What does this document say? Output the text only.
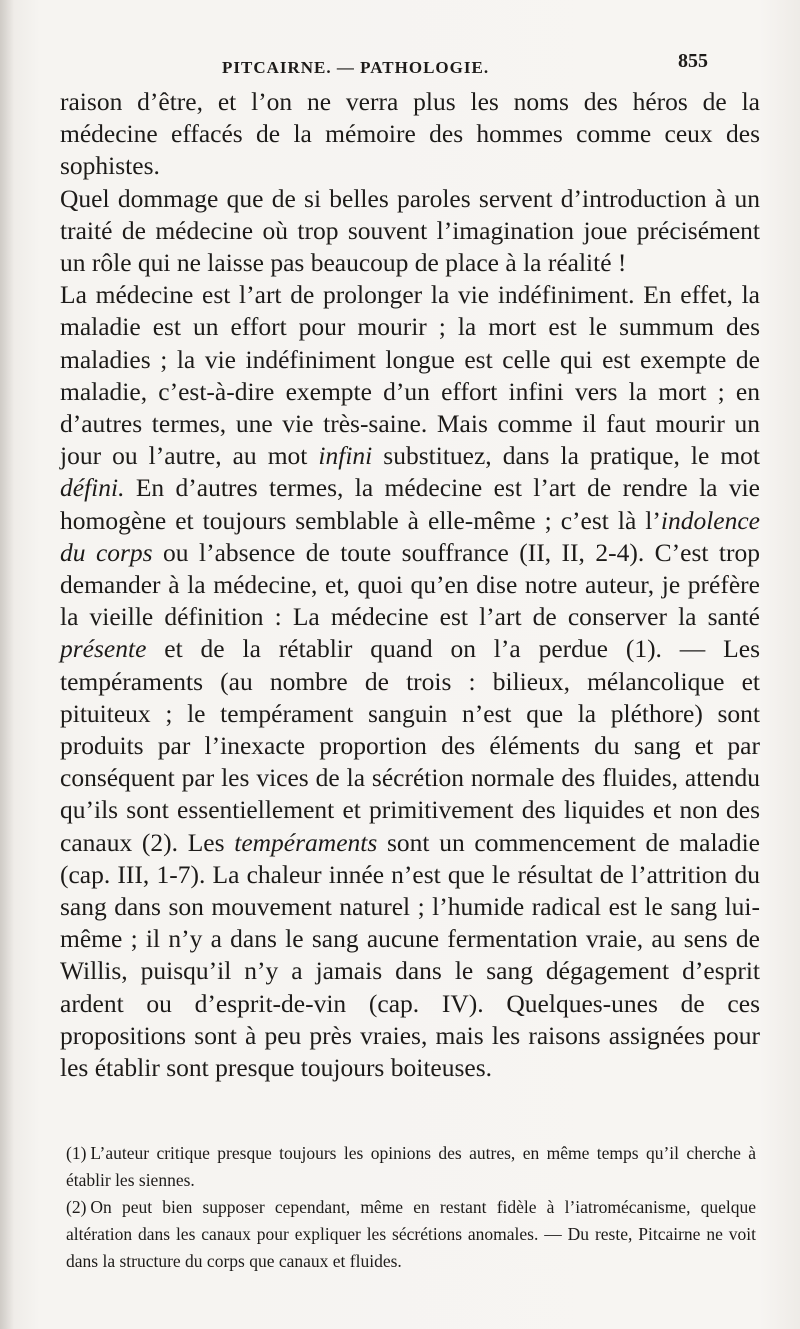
PITCAIRNE. — PATHOLOGIE.	855

raison d’être, et l’on ne verra plus les noms des héros de la médecine effacés de la mémoire des hommes comme ceux des sophistes.

Quel dommage que de si belles paroles servent d’introduction à un traité de médecine où trop souvent l’imagination joue précisément un rôle qui ne laisse pas beaucoup de place à la réalité !

La médecine est l’art de prolonger la vie indéfiniment. En effet, la maladie est un effort pour mourir ; la mort est le summum des maladies ; la vie indéfiniment longue est celle qui est exempte de maladie, c’est-à-dire exempte d’un effort infini vers la mort ; en d’autres termes, une vie très-saine. Mais comme il faut mourir un jour ou l’autre, au mot infini substituez, dans la pratique, le mot défini. En d’autres termes, la médecine est l’art de rendre la vie homogène et toujours semblable à elle-même ; c’est là l’indolence du corps ou l’absence de toute souffrance (II, II, 2-4). C’est trop demander à la médecine, et, quoi qu’en dise notre auteur, je préfère la vieille définition : La médecine est l’art de conserver la santé présente et de la rétablir quand on l’a perdue (1). — Les tempéraments (au nombre de trois : bilieux, mélancolique et pituiteux ; le tempérament sanguin n’est que la pléthore) sont produits par l’inexacte proportion des éléments du sang et par conséquent par les vices de la sécrétion normale des fluides, attendu qu’ils sont essentiellement et primitivement des liquides et non des canaux (2). Les tempéraments sont un commencement de maladie (cap. III, 1-7). La chaleur innée n’est que le résultat de l’attrition du sang dans son mouvement naturel ; l’humide radical est le sang lui-même ; il n’y a dans le sang aucune fermentation vraie, au sens de Willis, puisqu’il n’y a jamais dans le sang dégagement d’esprit ardent ou d’esprit-de-vin (cap. IV). Quelques-unes de ces propositions sont à peu près vraies, mais les raisons assignées pour les établir sont presque toujours boiteuses.

(1) L’auteur critique presque toujours les opinions des autres, en même temps qu’il cherche à établir les siennes.

(2) On peut bien supposer cependant, même en restant fidèle à l’iatromécanisme, quelque altération dans les canaux pour expliquer les sécrétions anomales. — Du reste, Pitcairne ne voit dans la structure du corps que canaux et fluides.
